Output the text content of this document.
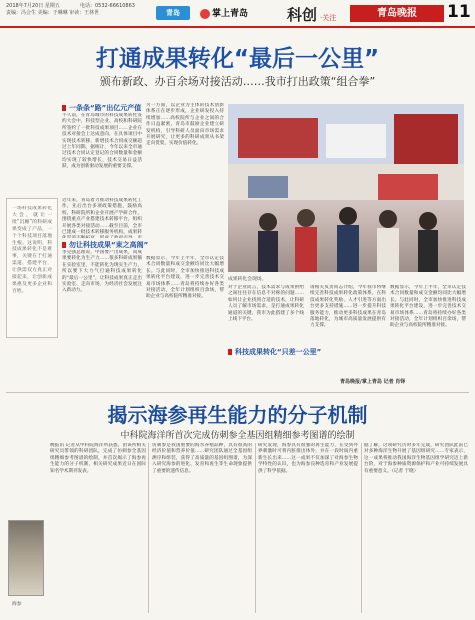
2018年7月20日 星期五
责编：冯合生 美编：于琳琳 审读：王林世
电话：0532-66610863
青岛	掌上青岛	科创 ·关注	青岛晚报	11
打通成果转化“最后一公里”
颁布新政、办百余场对接活动……我市打出政策“组合拳”
一条条“路”出亿元产值
不久前，在青岛城市的科技成果转化签约大会中，科技型企业、高校和科研院所签约了一批科技成果项目……企业在技术对接会上达成意向，在具体项目中实现技术转移，新增技术合同成交额超过上年同期。据统计，今年以来全市通过技术合同认定登记的合同数量和金额均实现了较快增长，技术交易日益活跃，成为创新驱动发展的重要支撑。
近年来，青岛着力推动科技成果转化工作，先后出台多项政策措施，鼓励高校、科研院所和企业开展产学研合作，围绕重点产业搭建技术转移平台，组织开展各类对接活动……截至目前，全市已建成一批技术转移服务机构，成果转
勿让科技成果“束之高阁”
李克强总理说，中国要产出成果，而成果要转化为生产力……很多科研成果躺在实验室里，不能转化为现实生产力，所以要下大力气打通科技成果转化的“最后一公里”，让科技成果真正走出实验室、走向市场，为经济社会发展注入新动力。
另一方面，以企业为主体的技术创新体系正在逐步形成，企业研发投入持续增加……高校院所与企业之间的合作日益紧密，青岛市鼓励企业建立研发机构，引导科研人员面向市场需求开展研究，让更多的科研成果从书架走向货架，实现价值转化。
数据显示，今年上半年，全市认定技术合同数量和成交金额均同比大幅增长。与此同时，全市加快推进科技成果转化平台建设，进一步完善技术交易市场体系……青岛将持续办好各类对接活动，全年计划组织百余场，帮助企业与高校院所精准对接。
一场科技成果转化大会，就让一批“沉睡”的科研成果变成了产品，一个个科技项目落地生根。这说明，科技成果转化不是难事，关键在于打通渠道、搭建平台，让供需双方真正对接起来，让创新成果惠及更多企业和百姓。
成果转化会现场。
对于企业而言，技术需求与成果供给之间往往存在信息不对称的问题……如何让企业找到合适的技术，让科研人员了解市场需求，是打通成果转化通道的关键，我市为此搭建了多个线上线下平台。
科技成果转化“只差一公里”
请相关负责同志介绍，今年我市将继续完善科技成果转化政策体系，在科技成果转化奖励、人才引进等方面出台更多支持措施……进一步提升科技服务能力，推动更多科技成果在青岛落地转化，为城市高质量发展提供有力支撑。
数据显示，今年上半年，全市认定技术合同数量和成交金额均同比大幅增长。与此同时，全市加快推进科技成果转化平台建设，进一步完善技术交易市场体系……青岛将持续办好各类对接活动，全年计划组织百余场，帮助企业与高校院所精准对接。
青岛晚报/掌上青岛 记者 肖铎
揭示海参再生能力的分子机制
中科院海洋所首次完成仿刺参全基因组精细参考图谱的绘制
海参
晚报讯 记者从中科院海洋所获悉，由该所相关研究员带领的科研团队，完成了仿刺参全基因组精细参考图谱的绘制，并首次揭示了海参再生能力的分子机制，相关研究成果近日在国际知名学术期刊发表。
仿刺参是我国重要的海水养殖品种，具有很高的经济价值和营养价值……研究团队通过全基因组测序和组装，获得了高质量的基因组图谱，为深入研究海参的进化、发育和再生等生命现象提供了重要的遗传信息。
研究发现，海参具有很强的再生能力，在受到外界刺激时可将内脏排出体外，并在一段时间内重新生长出来……这一成果不仅加深了对海参生物学特性的认识，也为海参良种选育和产业发展提供了科学依据。
据了解，这项研究历时多年完成，研究团队此前已对多种海洋生物开展了基因组研究……专家表示，这一成果将推动我国海洋生物基因组学研究迈上新台阶，对于海参种质资源保护和产业可持续发展具有重要意义。（记者 于晓）
